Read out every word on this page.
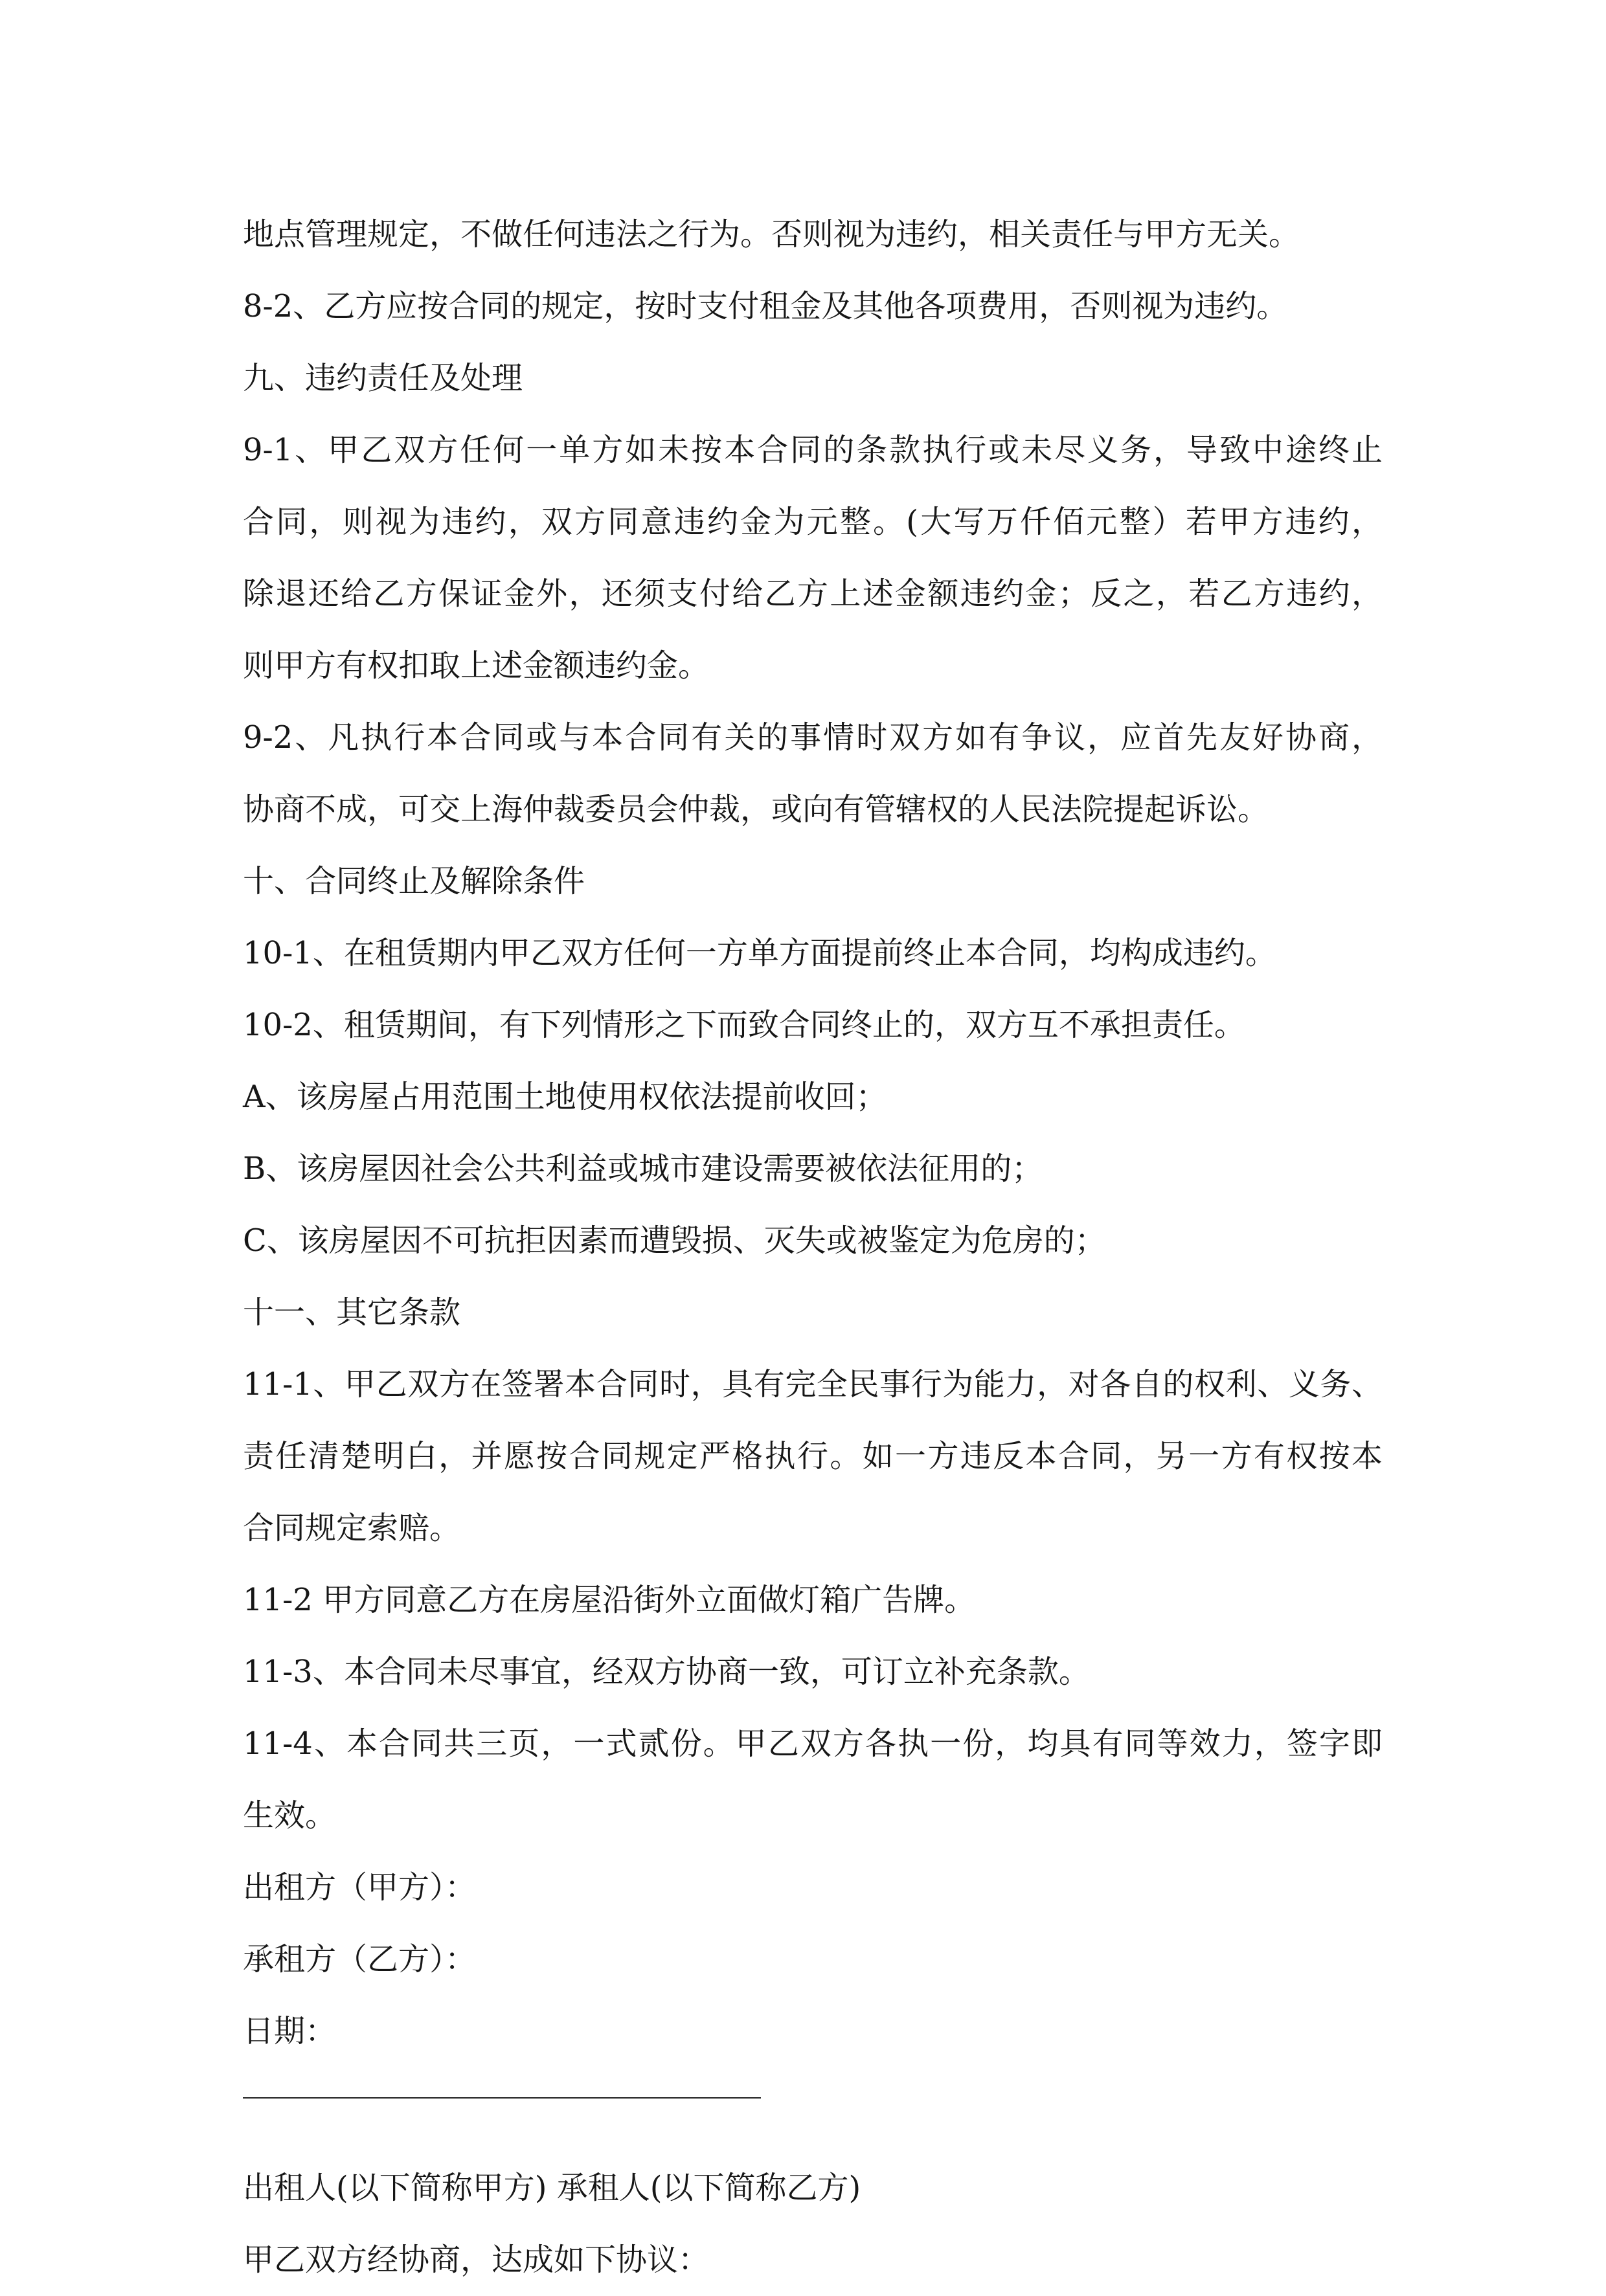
地点管理规定，不做任何违法之行为。否则视为违约，相关责任与甲方无关。

8-2、乙方应按合同的规定，按时支付租金及其他各项费用，否则视为违约。

九、违约责任及处理

9-1、甲乙双方任何一单方如未按本合同的条款执行或未尽义务，导致中途终止

合同，则视为违约，双方同意违约金为元整。(大写万仟佰元整）若甲方违约，

除退还给乙方保证金外，还须支付给乙方上述金额违约金；反之，若乙方违约，

则甲方有权扣取上述金额违约金。

9-2、凡执行本合同或与本合同有关的事情时双方如有争议，应首先友好协商，

协商不成，可交上海仲裁委员会仲裁，或向有管辖权的人民法院提起诉讼。

十、合同终止及解除条件

10-1、在租赁期内甲乙双方任何一方单方面提前终止本合同，均构成违约。

10-2、租赁期间，有下列情形之下而致合同终止的，双方互不承担责任。

A、该房屋占用范围土地使用权依法提前收回；

B、该房屋因社会公共利益或城市建设需要被依法征用的；

C、该房屋因不可抗拒因素而遭毁损、灭失或被鉴定为危房的；

十一、其它条款

11-1、甲乙双方在签署本合同时，具有完全民事行为能力，对各自的权利、义务、

责任清楚明白，并愿按合同规定严格执行。如一方违反本合同，另一方有权按本

合同规定索赔。

11-2 甲方同意乙方在房屋沿街外立面做灯箱广告牌。

11-3、本合同未尽事宜，经双方协商一致，可订立补充条款。

11-4、本合同共三页，一式贰份。甲乙双方各执一份，均具有同等效力，签字即

生效。

出租方（甲方）：

承租方（乙方）：

日期：

出租人(以下简称甲方) 承租人(以下简称乙方)

甲乙双方经协商，达成如下协议：
